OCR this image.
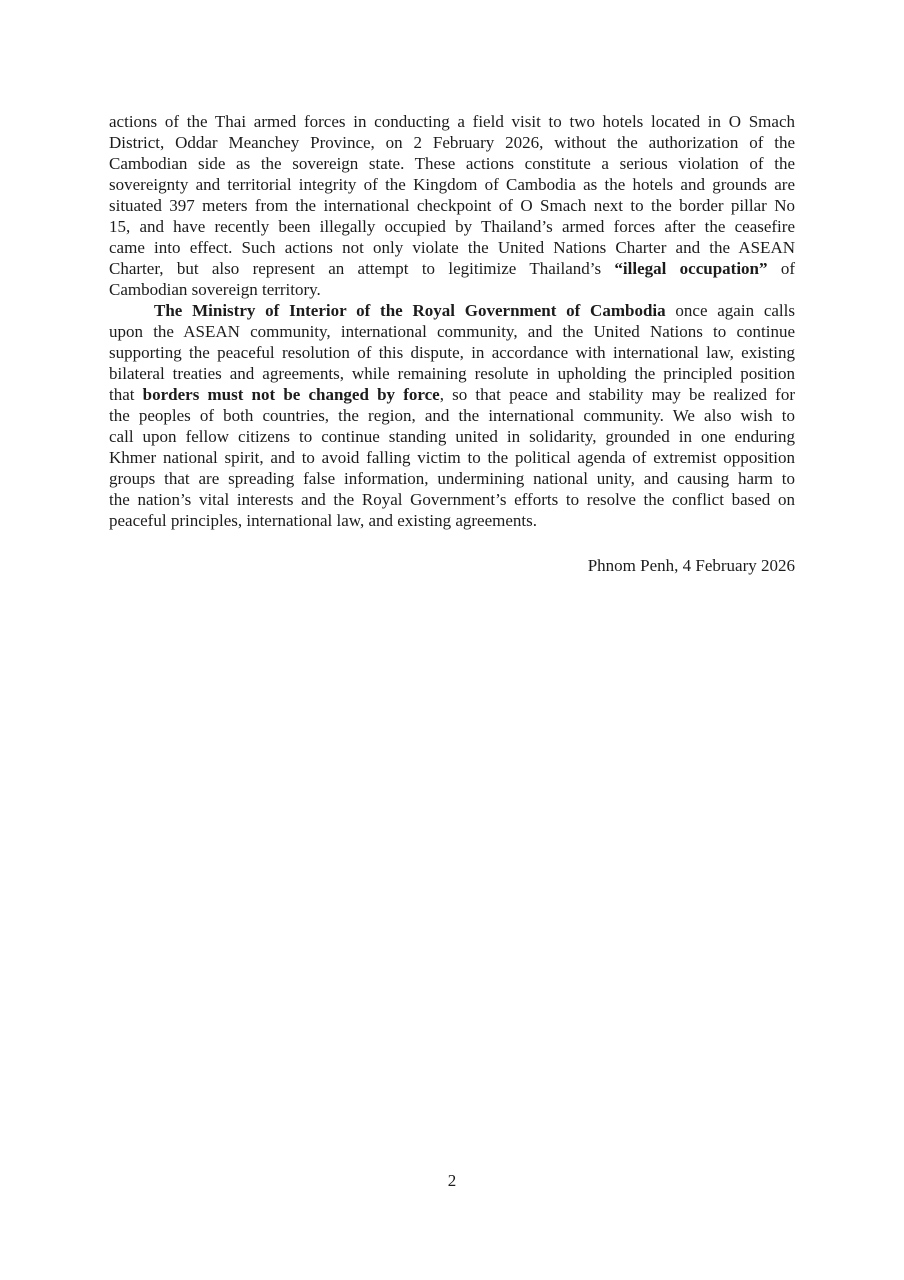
actions of the Thai armed forces in conducting a field visit to two hotels located in O Smach
District, Oddar Meanchey Province, on 2 February 2026, without the authorization of the
Cambodian side as the sovereign state. These actions constitute a serious violation of the
sovereignty and territorial integrity of the Kingdom of Cambodia as the hotels and grounds are
situated 397 meters from the international checkpoint of O Smach next to the border pillar No
15, and have recently been illegally occupied by Thailand’s armed forces after the ceasefire
came into effect. Such actions not only violate the United Nations Charter and the ASEAN
Charter, but also represent an attempt to legitimize Thailand’s “illegal occupation” of
Cambodian sovereign territory.
The Ministry of Interior of the Royal Government of Cambodia once again calls
upon the ASEAN community, international community, and the United Nations to continue
supporting the peaceful resolution of this dispute, in accordance with international law, existing
bilateral treaties and agreements, while remaining resolute in upholding the principled position
that borders must not be changed by force, so that peace and stability may be realized for
the peoples of both countries, the region, and the international community. We also wish to
call upon fellow citizens to continue standing united in solidarity, grounded in one enduring
Khmer national spirit, and to avoid falling victim to the political agenda of extremist opposition
groups that are spreading false information, undermining national unity, and causing harm to
the nation’s vital interests and the Royal Government’s efforts to resolve the conflict based on
peaceful principles, international law, and existing agreements.
Phnom Penh, 4 February 2026
2
